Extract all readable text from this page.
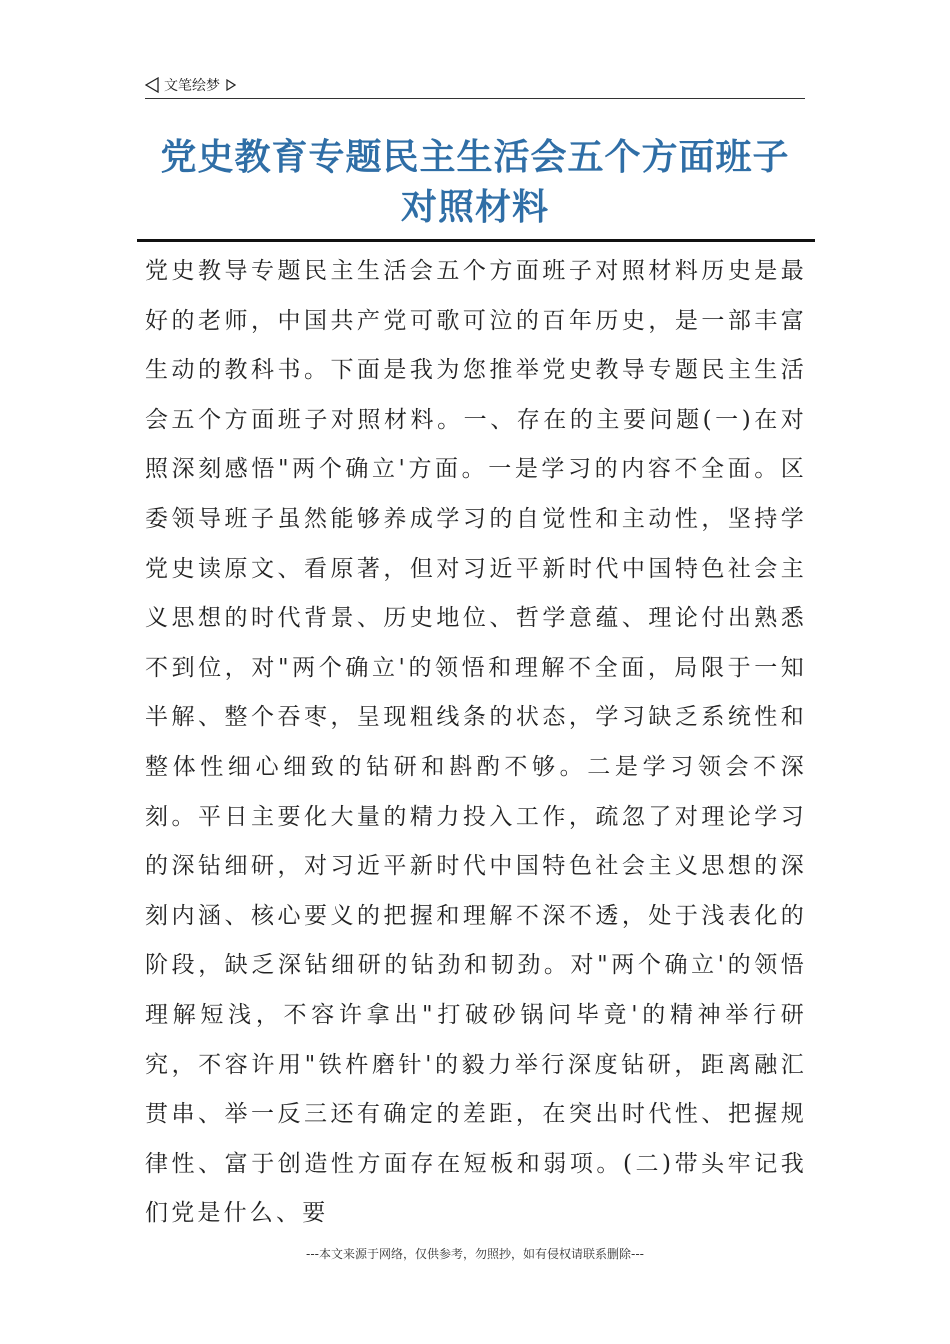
文笔绘梦
党史教育专题民主生活会五个方面班子对照材料

党史教导专题民主生活会五个方面班子对照材料历史是最好的老师，中国共产党可歌可泣的百年历史，是一部丰富生动的教科书。下面是我为您推举党史教导专题民主生活会五个方面班子对照材料。一、存在的主要问题(一)在对照深刻感悟"两个确立'方面。一是学习的内容不全面。区委领导班子虽然能够养成学习的自觉性和主动性，坚持学党史读原文、看原著，但对习近平新时代中国特色社会主义思想的时代背景、历史地位、哲学意蕴、理论付出熟悉不到位，对"两个确立'的领悟和理解不全面，局限于一知半解、整个吞枣，呈现粗线条的状态，学习缺乏系统性和整体性细心细致的钻研和斟酌不够。二是学习领会不深刻。平日主要化大量的精力投入工作，疏忽了对理论学习的深钻细研，对习近平新时代中国特色社会主义思想的深刻内涵、核心要义的把握和理解不深不透，处于浅表化的阶段，缺乏深钻细研的钻劲和韧劲。对"两个确立'的领悟理解短浅，不容许拿出"打破砂锅问毕竟'的精神举行研究，不容许用"铁杵磨针'的毅力举行深度钻研，距离融汇贯串、举一反三还有确定的差距，在突出时代性、把握规律性、富于创造性方面存在短板和弱项。(二)带头牢记我们党是什么、要

---本文来源于网络，仅供参考，勿照抄，如有侵权请联系删除---
